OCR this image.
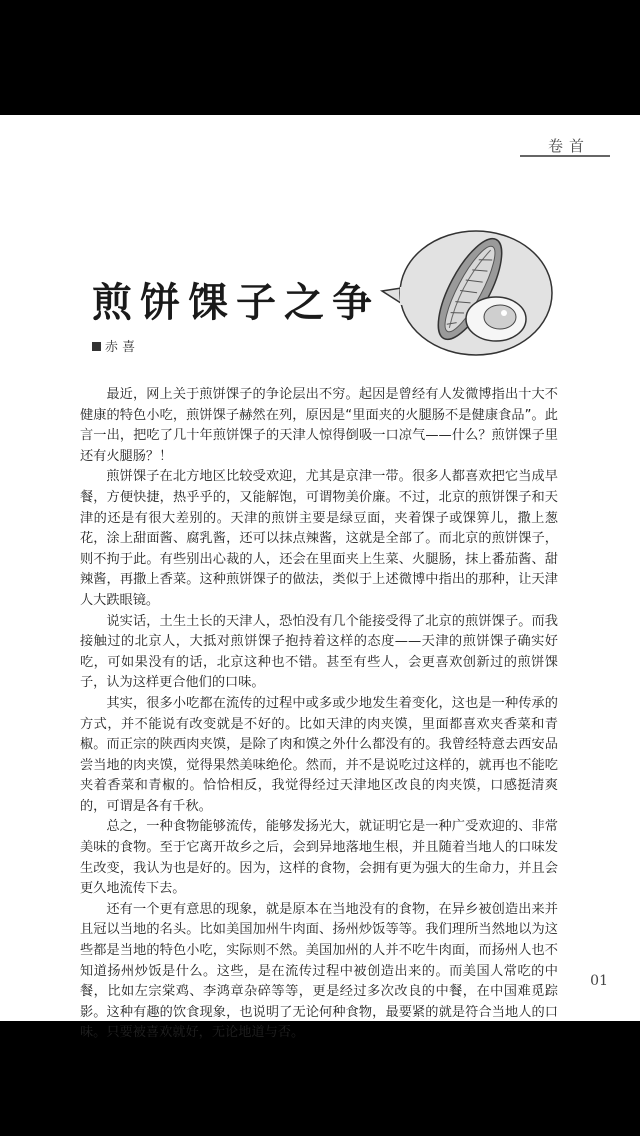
卷首
煎饼馃子之争
赤 喜

最近，网上关于煎饼馃子的争论层出不穷。起因是曾经有人发微博指出十大不健康的特色小吃，煎饼馃子赫然在列，原因是“里面夹的火腿肠不是健康食品”。此言一出，把吃了几十年煎饼馃子的天津人惊得倒吸一口凉气——什么？煎饼馃子里还有火腿肠？！

煎饼馃子在北方地区比较受欢迎，尤其是京津一带。很多人都喜欢把它当成早餐，方便快捷，热乎乎的，又能解饱，可谓物美价廉。不过，北京的煎饼馃子和天津的还是有很大差别的。天津的煎饼主要是绿豆面，夹着馃子或馃箅儿，撒上葱花，涂上甜面酱、腐乳酱，还可以抹点辣酱，这就是全部了。而北京的煎饼馃子，则不拘于此。有些别出心裁的人，还会在里面夹上生菜、火腿肠，抹上番茄酱、甜辣酱，再撒上香菜。这种煎饼馃子的做法，类似于上述微博中指出的那种，让天津人大跌眼镜。

说实话，土生土长的天津人，恐怕没有几个能接受得了北京的煎饼馃子。而我接触过的北京人，大抵对煎饼馃子抱持着这样的态度——天津的煎饼馃子确实好吃，可如果没有的话，北京这种也不错。甚至有些人，会更喜欢创新过的煎饼馃子，认为这样更合他们的口味。

其实，很多小吃都在流传的过程中或多或少地发生着变化，这也是一种传承的方式，并不能说有改变就是不好的。比如天津的肉夹馍，里面都喜欢夹香菜和青椒。而正宗的陕西肉夹馍，是除了肉和馍之外什么都没有的。我曾经特意去西安品尝当地的肉夹馍，觉得果然美味绝伦。然而，并不是说吃过这样的，就再也不能吃夹着香菜和青椒的。恰恰相反，我觉得经过天津地区改良的肉夹馍，口感挺清爽的，可谓是各有千秋。

总之，一种食物能够流传，能够发扬光大，就证明它是一种广受欢迎的、非常美味的食物。至于它离开故乡之后，会到异地落地生根，并且随着当地人的口味发生改变，我认为也是好的。因为，这样的食物，会拥有更为强大的生命力，并且会更久地流传下去。

还有一个更有意思的现象，就是原本在当地没有的食物，在异乡被创造出来并且冠以当地的名头。比如美国加州牛肉面、扬州炒饭等等。我们理所当然地以为这些都是当地的特色小吃，实际则不然。美国加州的人并不吃牛肉面，而扬州人也不知道扬州炒饭是什么。这些，是在流传过程中被创造出来的。而美国人常吃的中餐，比如左宗棠鸡、李鸿章杂碎等等，更是经过多次改良的中餐，在中国难觅踪影。这种有趣的饮食现象，也说明了无论何种食物，最要紧的就是符合当地人的口味。只要被喜欢就好，无论地道与否。

01
